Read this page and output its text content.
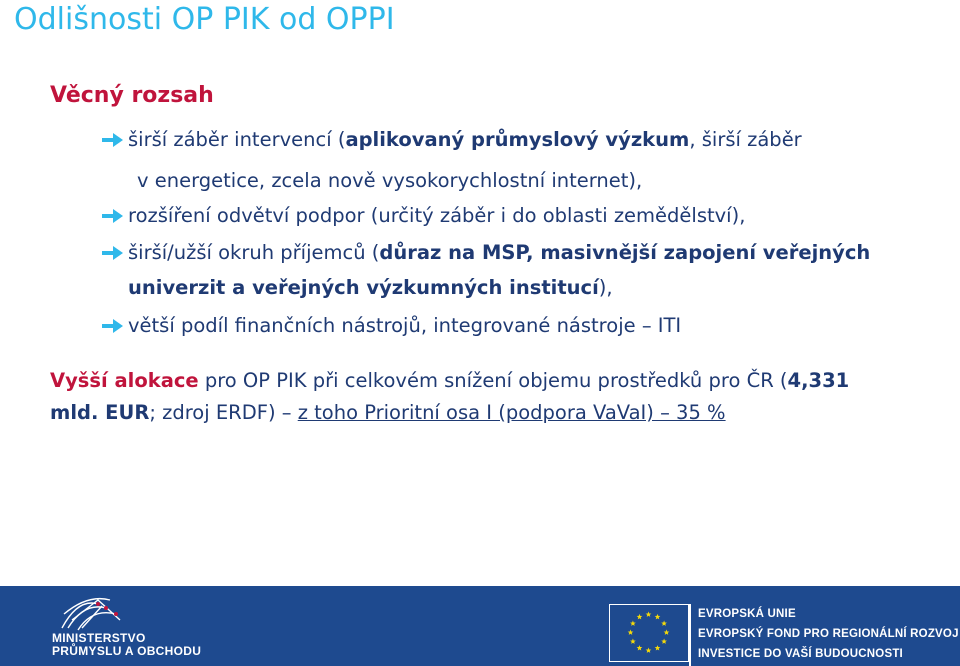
Odlišnosti OP PIK od OPPI
Věcný rozsah
širší záběr intervencí (aplikovaný průmyslový výzkum, širší záběr
v energetice, zcela nově vysokorychlostní internet),
rozšíření odvětví podpor (určitý záběr i do oblasti zemědělství),
širší/užší okruh příjemců (důraz na MSP, masivnější zapojení veřejných
univerzit a veřejných výzkumných institucí),
větší podíl finančních nástrojů, integrované nástroje – ITI
Vyšší alokace pro OP PIK při celkovém snížení objemu prostředků pro ČR (4,331
mld. EUR; zdroj ERDF) – z toho Prioritní osa I (podpora VaVaI) – 35 %
MINISTERSTVO
PRŮMYSLU A OBCHODU
EVROPSKÁ UNIE
EVROPSKÝ FOND PRO REGIONÁLNÍ ROZVOJ
INVESTICE DO VAŠÍ BUDOUCNOSTI
